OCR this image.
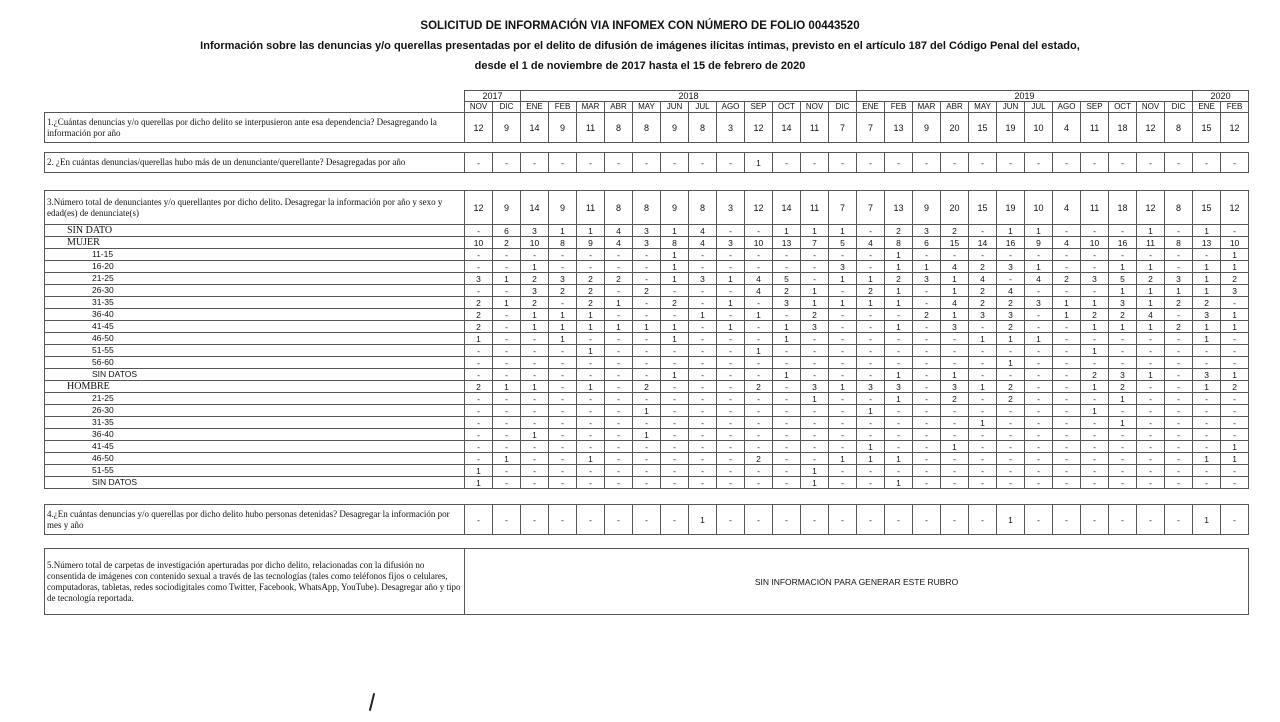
SOLICITUD DE INFORMACIÓN VIA INFOMEX CON NÚMERO DE FOLIO 00443520
Información sobre las denuncias y/o querellas presentadas por el delito de difusión de imágenes ilícitas íntimas, previsto en el artículo 187 del Código Penal del estado,
desde el 1 de noviembre de 2017 hasta el 15 de febrero de 2020
	2017		2018												2019												2020	
	NOV	DIC	ENE	FEB	MAR	ABR	MAY	JUN	JUL	AGO	SEP	OCT	NOV	DIC	ENE	FEB	MAR	ABR	MAY	JUN	JUL	AGO	SEP	OCT	NOV	DIC	ENE	FEB
1.¿Cuántas denuncias y/o querellas por dicho delito se interpusieron ante esa dependencia? Desagregando la información por año	12	9	14	9	11	8	8	9	8	3	12	14	11	7	7	13	9	20	15	19	10	4	11	18	12	8	15	12

2. ¿En cuántas denuncias/querellas hubo más de un denunciante/querellante? Desagregadas por año	-	-	-	-	-	-	-	-	-	-	1	-	-	-	-	-	-	-	-	-	-	-	-	-	-	-	-	-

3.Número total de denunciantes y/o querellantes por dicho delito. Desagregar la información por año y sexo y edad(es) de denunciate(s)	12	9	14	9	11	8	8	9	8	3	12	14	11	7	7	13	9	20	15	19	10	4	11	18	12	8	15	12
SIN DATO	-	6	3	1	1	4	3	1	4	-	-	1	1	1	-	2	3	2	-	1	1	-	-	-	1	-	1	-
MUJER	10	2	10	8	9	4	3	8	4	3	10	13	7	5	4	8	6	15	14	16	9	4	10	16	11	8	13	10
11-15	-	-	-	-	-	-	-	1	-	-	-	-	-	-	-	1	-	-	-	-	-	-	-	-	-	-	-	1
16-20	-	-	1	-	-	-	-	1	-	-	-	-	-	3	-	1	1	4	2	3	1	-	-	1	1	-	1	1
21-25	3	1	2	3	2	2	-	1	3	1	4	5	-	1	1	2	3	1	4	-	4	2	3	5	2	3	1	2
26-30	-	-	3	2	2	-	2	-	-	-	4	2	1	-	2	1	-	1	2	4	-	-	-	1	1	1	1	3
31-35	2	1	2	-	2	1	-	2	-	1	-	3	1	1	1	1	-	4	2	2	3	1	1	3	1	2	2	-
36-40	2	-	1	1	1	-	-	-	1	-	1	-	2	-	-	-	2	1	3	3	-	1	2	2	4	-	3	1
41-45	2	-	1	1	1	1	1	1	-	1	-	1	3	-	-	1	-	3	-	2	-	-	1	1	1	2	1	1
46-50	1	-	-	1	-	-	-	1	-	-	-	1	-	-	-	-	-	-	1	1	1	-	-	-	-	-	1	-
51-55	-	-	-	-	1	-	-	-	-	-	1	-	-	-	-	-	-	-	-	-	-	-	1	-	-	-	-	-
56-60	-	-	-	-	-	-	-	-	-	-	-	-	-	-	-	-	-	-	-	1	-	-	-	-	-	-	-	-
SIN DATOS	-	-	-	-	-	-	-	1	-	-	-	1	-	-	-	1	-	1	-	-	-	-	2	3	1	-	3	1
HOMBRE	2	1	1	-	1	-	2	-	-	-	2	-	3	1	3	3	-	3	1	2	-	-	1	2	-	-	1	2
21-25	-	-	-	-	-	-	-	-	-	-	-	-	1	-	-	1	-	2	-	2	-	-	-	1	-	-	-	-
26-30	-	-	-	-	-	-	1	-	-	-	-	-	-	-	1	-	-	-	-	-	-	-	1	-	-	-	-	-
31-35	-	-	-	-	-	-	-	-	-	-	-	-	-	-	-	-	-	-	1	-	-	-	-	1	-	-	-	-
36-40	-	-	1	-	-	-	1	-	-	-	-	-	-	-	-	-	-	-	-	-	-	-	-	-	-	-	-	-
41-45	-	-	-	-	-	-	-	-	-	-	-	-	-	-	1	-	-	1	-	-	-	-	-	-	-	-	-	1
46-50	-	1	-	-	1	-	-	-	-	-	2	-	-	1	1	1	-	-	-	-	-	-	-	-	-	-	1	1
51-55	1	-	-	-	-	-	-	-	-	-	-	-	1	-	-	-	-	-	-	-	-	-	-	-	-	-	-	-
SIN DATOS	1	-	-	-	-	-	-	-	-	-	-	-	1	-	-	1	-	-	-	-	-	-	-	-	-	-	-	-

4.¿En cuántas denuncias y/o querellas por dicho delito hubo personas detenidas? Desagregar la información por mes y año	-	-	-	-	-	-	-	-	1	-	-	-	-	-	-	-	-	-	-	1	-	-	-	-	-	-	1	-

5.Número total de carpetas de investigación aperturadas por dicho delito, relacionadas con la difusión no consentida de imágenes con contenido sexual a través de las tecnologías (tales como teléfonos fijos o celulares, computadoras, tabletas, redes sociodigitales como Twitter, Facebook, WhatsApp, YouTube). Desagregar año y tipo de tecnología reportada.	SIN INFORMACIÓN PARA GENERAR ESTE RUBRO																											
